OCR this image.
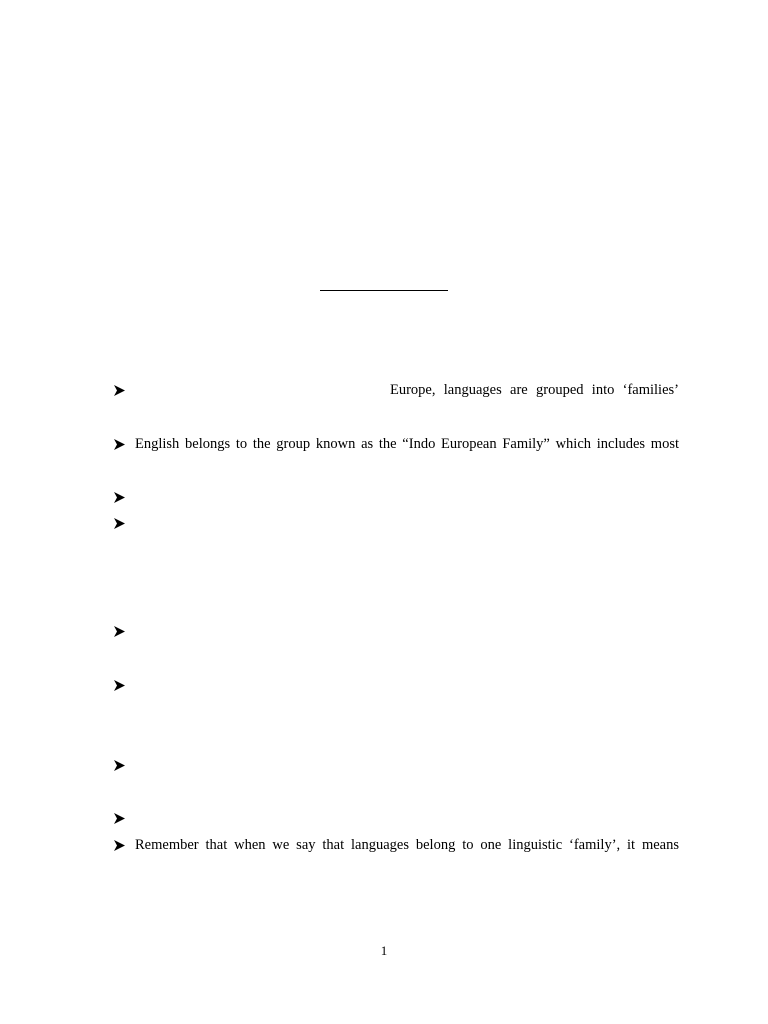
Europe, languages are grouped into ‘families’
English belongs to the group known as the “Indo European Family” which includes most
Remember that when we say that languages belong to one linguistic ‘family’, it means
1
